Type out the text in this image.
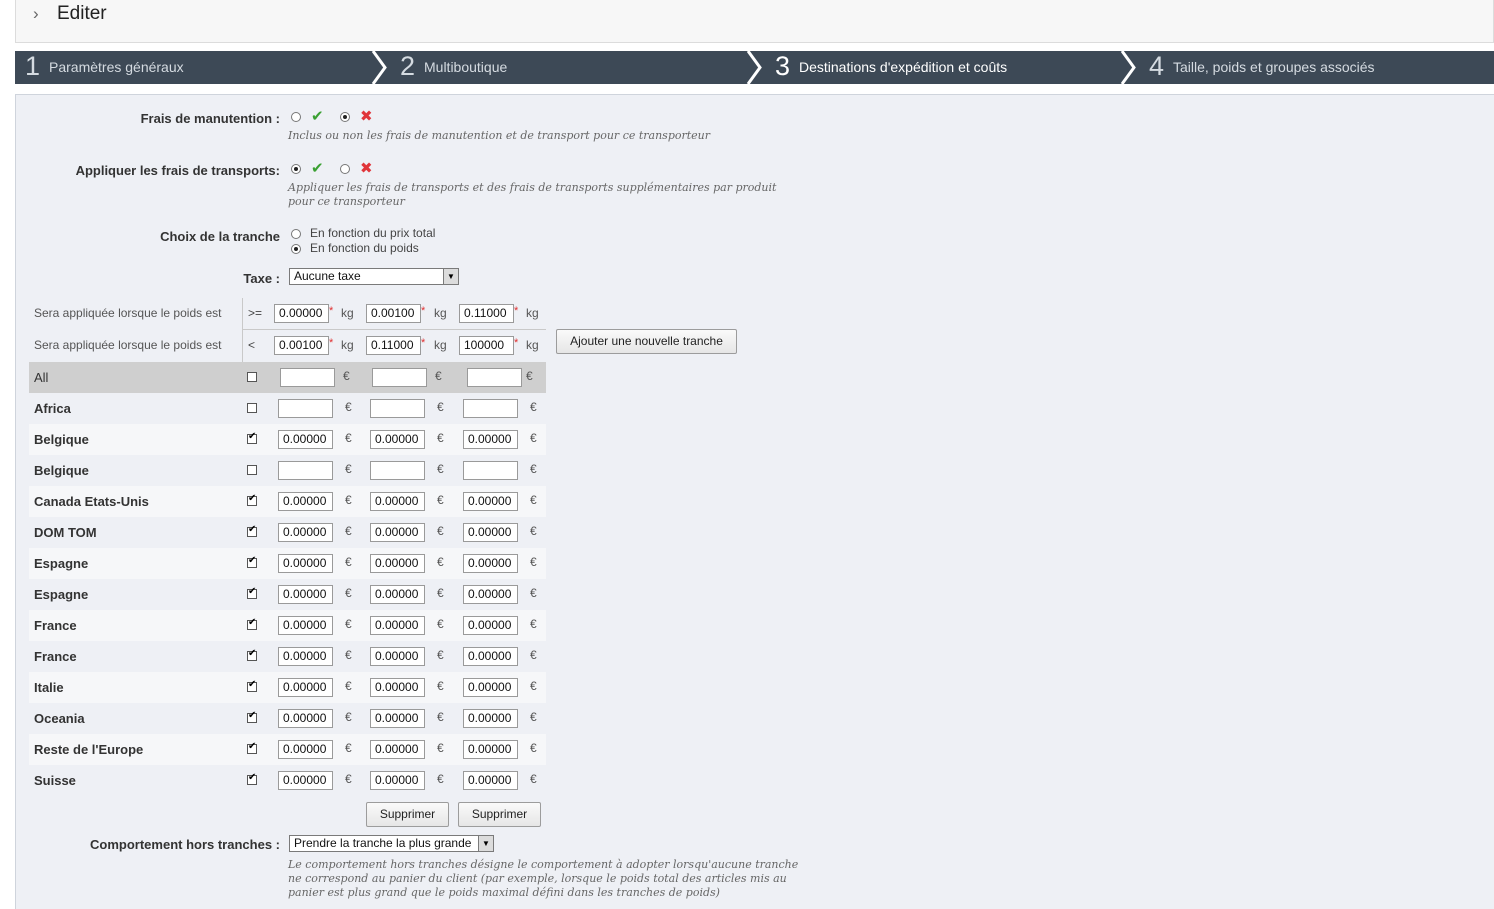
› Editer
1 Paramètres généraux	2 Multiboutique	3 Destinations d'expédition et coûts	4 Taille, poids et groupes associés
Frais de manutention : ✔ ✖
Inclus ou non les frais de manutention et de transport pour ce transporteur
Appliquer les frais de transports: ✔ ✖
Appliquer les frais de transports et des frais de transports supplémentaires par produit
pour ce transporteur
Choix de la tranche	En fonction du prix total
En fonction du poids
Taxe :	Aucune taxe	▼
Ajouter une nouvelle tranche
Supprimer	Supprimer
Comportement hors tranches :	Prendre la tranche la plus grande	▼
Le comportement hors tranches désigne le comportement à adopter lorsqu'aucune tranche
ne correspond au panier du client (par exemple, lorsque le poids total des articles mis au
panier est plus grand que le poids maximal défini dans les tranches de poids)
Sera appliquée lorsque le poids est >=	0.00000 * kg	0.00100 * kg	0.11000 * kg
Sera appliquée lorsque le poids est <	0.00100 * kg	0.11000 * kg	100000 * kg
All	€	€	€
Africa	€	€	€
Belgique ✔	0.00000	€	0.00000	€	0.00000	€
Belgique	€	€	€
Canada Etats-Unis ✔	0.00000	€	0.00000	€	0.00000	€
DOM TOM ✔	0.00000	€	0.00000	€	0.00000	€
Espagne ✔	0.00000	€	0.00000	€	0.00000	€
Espagne ✔	0.00000	€	0.00000	€	0.00000	€
France ✔	0.00000	€	0.00000	€	0.00000	€
France ✔	0.00000	€	0.00000	€	0.00000	€
Italie ✔	0.00000	€	0.00000	€	0.00000	€
Oceania ✔	0.00000	€	0.00000	€	0.00000	€
Reste de l'Europe ✔	0.00000	€	0.00000	€	0.00000	€
Suisse ✔	0.00000	€	0.00000	€	0.00000	€
